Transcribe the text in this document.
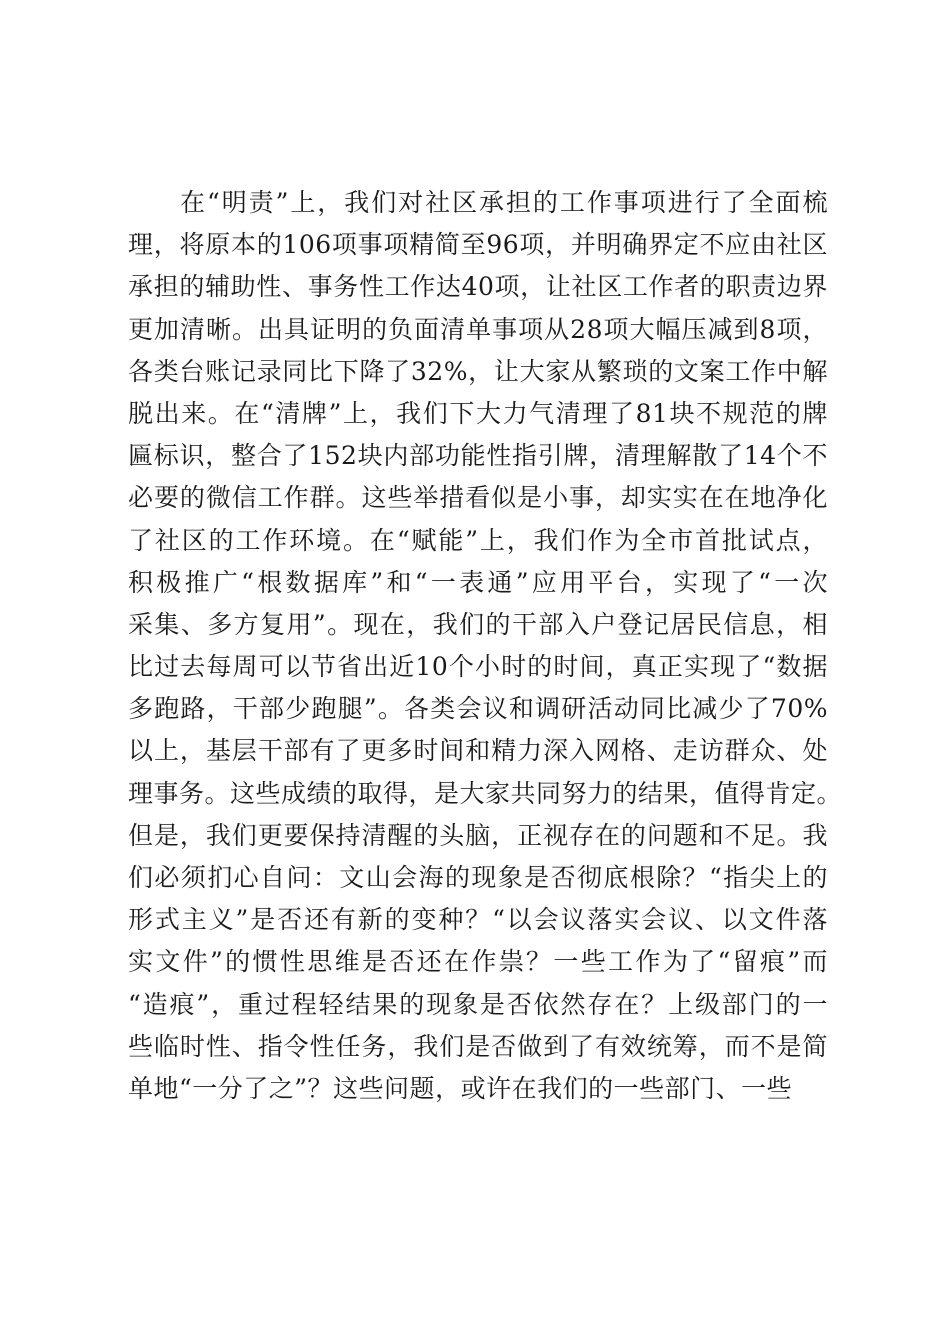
在“明责”上，我们对社区承担的工作事项进行了全面梳
理，将原本的106项事项精简至96项，并明确界定不应由社区
承担的辅助性、事务性工作达40项，让社区工作者的职责边界
更加清晰。出具证明的负面清单事项从28项大幅压减到8项，
各类台账记录同比下降了32%，让大家从繁琐的文案工作中解
脱出来。在“清牌”上，我们下大力气清理了81块不规范的牌
匾标识，整合了152块内部功能性指引牌，清理解散了14个不
必要的微信工作群。这些举措看似是小事，却实实在在地净化
了社区的工作环境。在“赋能”上，我们作为全市首批试点，
积极推广“根数据库”和“一表通”应用平台，实现了“一次
采集、多方复用”。现在，我们的干部入户登记居民信息，相
比过去每周可以节省出近10个小时的时间，真正实现了“数据
多跑路，干部少跑腿”。各类会议和调研活动同比减少了70%
以上，基层干部有了更多时间和精力深入网格、走访群众、处
理事务。这些成绩的取得，是大家共同努力的结果，值得肯定。
但是，我们更要保持清醒的头脑，正视存在的问题和不足。我
们必须扪心自问：文山会海的现象是否彻底根除？“指尖上的
形式主义”是否还有新的变种？“以会议落实会议、以文件落
实文件”的惯性思维是否还在作祟？一些工作为了“留痕”而
“造痕”，重过程轻结果的现象是否依然存在？上级部门的一
些临时性、指令性任务，我们是否做到了有效统筹，而不是简
单地“一分了之”？这些问题，或许在我们的一些部门、一些
